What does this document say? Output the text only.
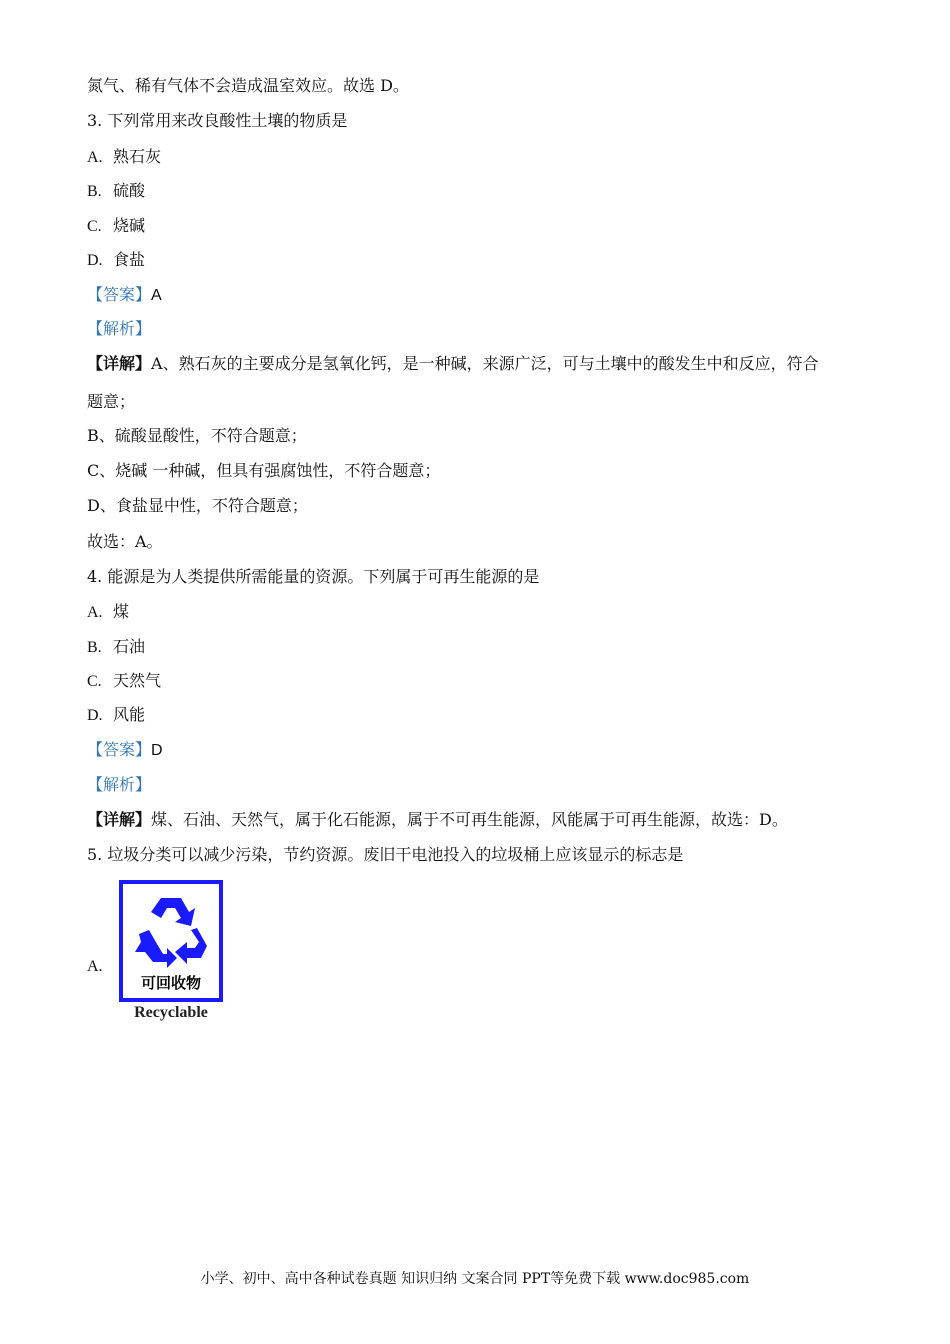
氮气、稀有气体不会造成温室效应。故选 D。
3. 下列常用来改良酸性土壤的物质是
A. 熟石灰
B. 硫酸
C. 烧碱
D. 食盐
【答案】A
【解析】
【详解】A、熟石灰的主要成分是氢氧化钙，是一种碱，来源广泛，可与土壤中的酸发生中和反应，符合
题意；
B、硫酸显酸性，不符合题意；
C、烧碱 一种碱，但具有强腐蚀性，不符合题意；
D、食盐显中性，不符合题意；
故选：A。
4. 能源是为人类提供所需能量的资源。下列属于可再生能源的是
A. 煤
B. 石油
C. 天然气
D. 风能
【答案】D
【解析】
【详解】煤、石油、天然气，属于化石能源，属于不可再生能源，风能属于可再生能源，故选：D。
5. 垃圾分类可以减少污染，节约资源。废旧干电池投入的垃圾桶上应该显示的标志是
A.
可回收物
Recyclable
小学、初中、高中各种试卷真题 知识归纳 文案合同 PPT等免费下载 www.doc985.com
